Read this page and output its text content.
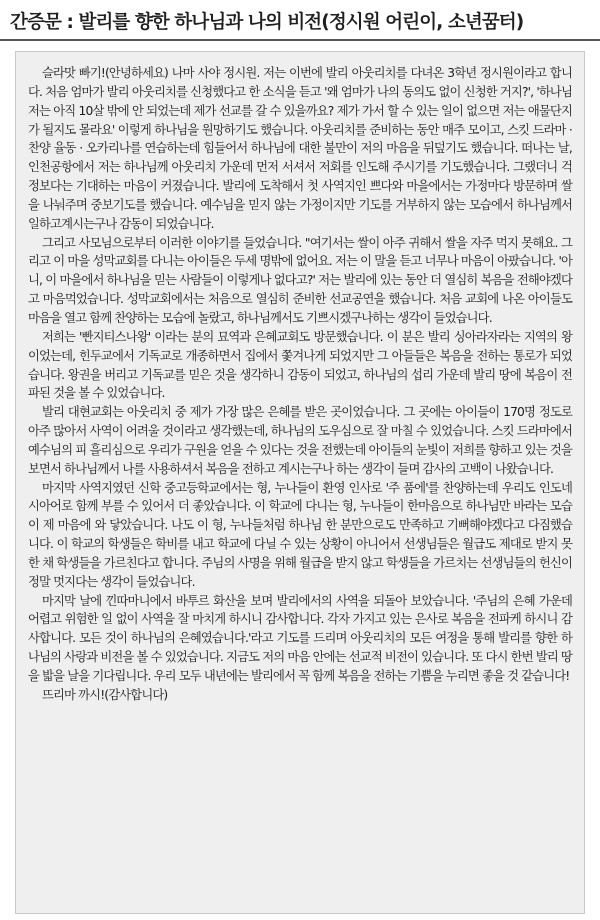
간증문 : 발리를 향한 하나님과 나의 비전(정시원 어린이, 소년꿈터)

슬라맛 빠기!(안녕하세요) 나마 사야 정시원. 저는 이번에 발리 아웃리치를 다녀온 3학년 정시원이라고 합니다. 처음 엄마가 발리 아웃리치를 신청했다고 한 소식을 듣고 '왜 엄마가 나의 동의도 없이 신청한 거지?', '하나님 저는 아직 10살 밖에 안 되었는데 제가 선교를 갈 수 있을까요? 제가 가서 할 수 있는 일이 없으면 저는 애물단지가 될지도 몰라요' 이렇게 하나님을 원망하기도 했습니다. 아웃리치를 준비하는 동안 매주 모이고, 스킷 드라마 · 찬양 율동 · 오카리나를 연습하는데 힘들어서 하나님에 대한 불만이 저의 마음을 뒤덮기도 했습니다. 떠나는 날, 인천공항에서 저는 하나님께 아웃리치 가운데 먼저 서셔서 저회를 인도해 주시기를 기도했습니다. 그랬더니 걱정보다는 기대하는 마음이 커졌습니다. 발리에 도착해서 첫 사역지인 쁘다와 마을에서는 가정마다 방문하며 쌀을 나눠주며 중보기도를 했습니다. 예수님을 믿지 않는 가정이지만 기도를 거부하지 않는 모습에서 하나님께서 일하고계시는구나 감동이 되었습니다.

그리고 사모님으로부터 이러한 이야기를 들었습니다. "여기서는 쌀이 아주 귀해서 쌀을 자주 먹지 못해요. 그리고 이 마을 성막교회를 다니는 아이들은 두세 명밖에 없어요. 저는 이 말을 듣고 너무나 마음이 아팠습니다. '아니, 이 마을에서 하나님을 믿는 사람들이 이렇게나 없다고?' 저는 발리에 있는 동안 더 열심히 복음을 전해야겠다고 마음먹었습니다. 성막교회에서는 처음으로 열심히 준비한 선교공연을 했습니다. 처음 교회에 나온 아이들도 마음을 열고 함께 찬양하는 모습에 놀랐고, 하나님께서도 기쁘시겠구나하는 생각이 들었습니다.

저희는 '빤지티스나왕' 이라는 분의 묘역과 은혜교회도 방문했습니다. 이 분은 발리 싱아라자라는 지역의 왕이었는데, 힌두교에서 기독교로 개종하면서 집에서 쫓겨나게 되었지만 그 아들들은 복음을 전하는 통로가 되었습니다. 왕권을 버리고 기독교를 믿은 것을 생각하니 감동이 되었고, 하나님의 섭리 가운데 발리 땅에 복음이 전파된 것을 볼 수 있었습니다.

발리 대현교회는 아웃리치 중 제가 가장 많은 은혜를 받은 곳이었습니다. 그 곳에는 아이들이 170명 정도로 아주 많아서 사역이 어려울 것이라고 생각했는데, 하나님의 도우심으로 잘 마칠 수 있었습니다. 스킷 드라마에서 예수님의 피 흘리심으로 우리가 구원을 얻을 수 있다는 것을 전했는데 아이들의 눈빛이 저희를 향하고 있는 것을 보면서 하나님께서 나를 사용하셔서 복음을 전하고 계시는구나 하는 생각이 들며 감사의 고백이 나왔습니다.

마지막 사역지였던 신학 중고등학교에서는 형, 누나들이 환영 인사로 '주 품에'를 찬양하는데 우리도 인도네시아어로 함께 부를 수 있어서 더 좋았습니다. 이 학교에 다니는 형, 누나들이 한마음으로 하나님만 바라는 모습이 제 마음에 와 닿았습니다. 나도 이 형, 누나들처럼 하나님 한 분만으로도 만족하고 기뻐해야겠다고 다짐했습니다. 이 학교의 학생들은 학비를 내고 학교에 다닐 수 있는 상황이 아니어서 선생님들은 월급도 제대로 받지 못한 채 학생들을 가르친다고 합니다. 주님의 사명을 위해 월급을 받지 않고 학생들을 가르치는 선생님들의 헌신이 정말 멋지다는 생각이 들었습니다.

마지막 날에 낀따마니에서 바투르 화산을 보며 발리에서의 사역을 되돌아 보았습니다. '주님의 은혜 가운데 어렵고 위험한 일 없이 사역을 잘 마치게 하시니 감사합니다. 각자 가지고 있는 은사로 복음을 전파케 하시니 감사합니다. 모든 것이 하나님의 은혜였습니다.'라고 기도를 드리며 아웃리치의 모든 여정을 통해 발리를 향한 하나님의 사랑과 비전을 볼 수 있었습니다. 지금도 저의 마음 안에는 선교적 비전이 있습니다. 또 다시 한번 발리 땅을 밟을 날을 기다립니다. 우리 모두 내년에는 발리에서 꼭 함께 복음을 전하는 기쁨을 누리면 좋을 것 같습니다!

뜨리마 까시!(감사합니다)
